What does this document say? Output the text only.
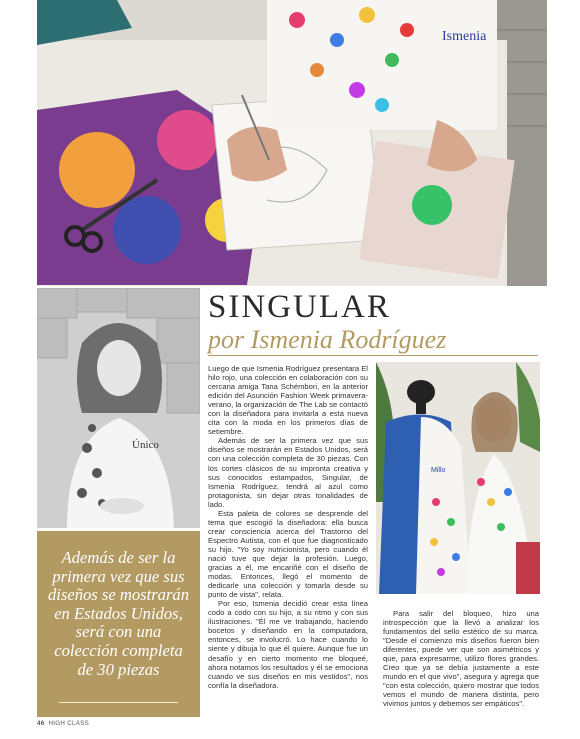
Ismenia
Único

Además de ser la primera vez que sus diseños se mostrarán en Estados Unidos, será con una colección completa de 30 piezas

SINGULAR
por Ismenia Rodríguez

Luego de que Ismenia Rodríguez presentara El hilo rojo, una colección en colaboración con su cercana amiga Tana Schémbori, en la anterior edición del Asunción Fashion Week primavera-verano, la organización de The Lab se contactó con la diseñadora para invitarla a esta nueva cita con la moda en los primeros días de setiembre.

Además de ser la primera vez que sus diseños se mostrarán en Estados Unidos, será con una colección completa de 30 piezas. Con los cortes clásicos de su impronta creativa y sus conocidos estampados, Singular, de Ismenia Rodríguez, tendrá al azul como protagonista, sin dejar otras tonalidades de lado.

Esta paleta de colores se desprende del tema que escogió la diseñadora: ella busca crear consciencia acerca del Trastorno del Espectro Autista, con el que fue diagnosticado su hijo. "Yo soy nutricionista, pero cuando él nació tuve que dejar la profesión. Luego, gracias a él, me encariñé con el diseño de modas. Entonces, llegó el momento de dedicarle una colección y tomarla desde su punto de vista", relata.

Por eso, Ismenia decidió crear esta línea codo a codo con su hijo, a su ritmo y con sus ilustraciones. "Él me ve trabajando, haciendo bocetos y diseñando en la computadora, entonces, se involucró. Lo hace cuando lo siente y dibuja lo que él quiere. Aunque fue un desafío y en cierto momento me bloqueé, ahora notamos los resultados y él se emociona cuando ve sus diseños en mis vestidos", nos confía la diseñadora.

Millo

Para salir del bloqueo, hizo una introspección que la llevó a analizar los fundamentos del sello estético de su marca. "Desde el comienzo mis diseños fueron bien diferentes, puede ver que son asimétricos y que, para expresarme, utilizo flores grandes. Creo que ya se debía justamente a este mundo en el que vivo", asegura y agrega que "con esta colección, quiero mostrar que todos vemos el mundo de manera distinta, pero vivimos juntos y debemos ser empáticos".

46 HIGH CLASS
